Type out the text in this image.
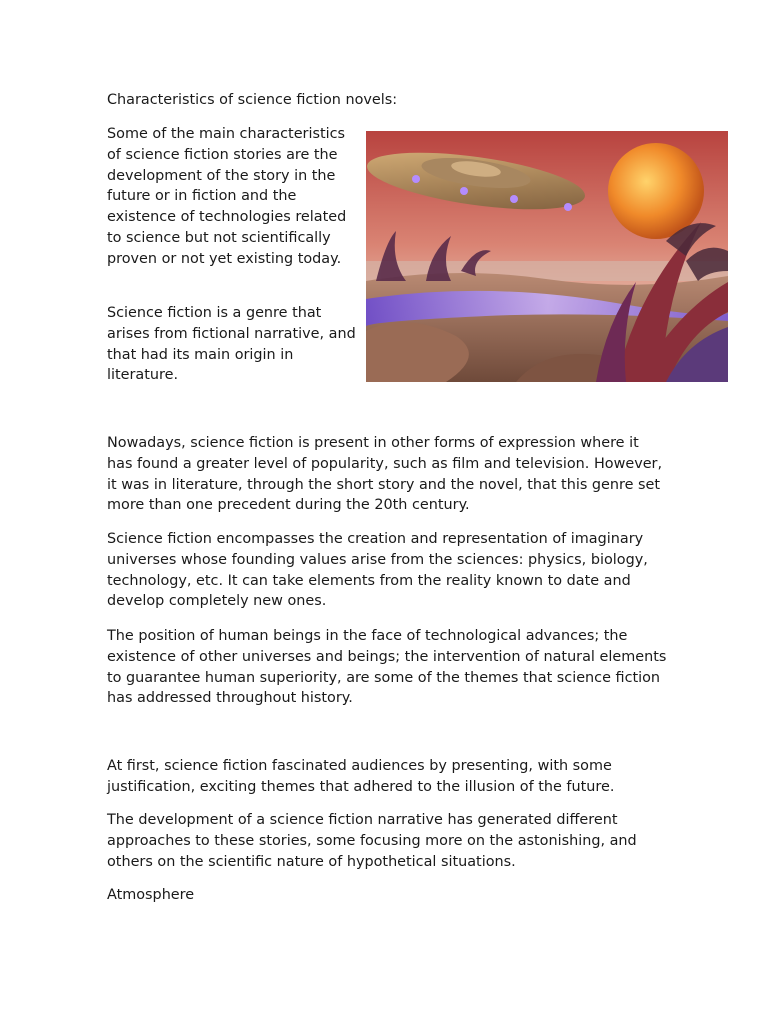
Characteristics of science fiction novels:

Some of the main characteristics of science fiction stories are the development of the story in the future or in fiction and the existence of technologies related to science but not scientifically proven or not yet existing today.

Science fiction is a genre that arises from fictional narrative, and that had its main origin in literature.

Nowadays, science fiction is present in other forms of expression where it has found a greater level of popularity, such as film and television. However, it was in literature, through the short story and the novel, that this genre set more than one precedent during the 20th century.

Science fiction encompasses the creation and representation of imaginary universes whose founding values arise from the sciences: physics, biology, technology, etc. It can take elements from the reality known to date and develop completely new ones.

The position of human beings in the face of technological advances; the existence of other universes and beings; the intervention of natural elements to guarantee human superiority, are some of the themes that science fiction has addressed throughout history.

At first, science fiction fascinated audiences by presenting, with some justification, exciting themes that adhered to the illusion of the future.

The development of a science fiction narrative has generated different approaches to these stories, some focusing more on the astonishing, and others on the scientific nature of hypothetical situations.

Atmosphere
